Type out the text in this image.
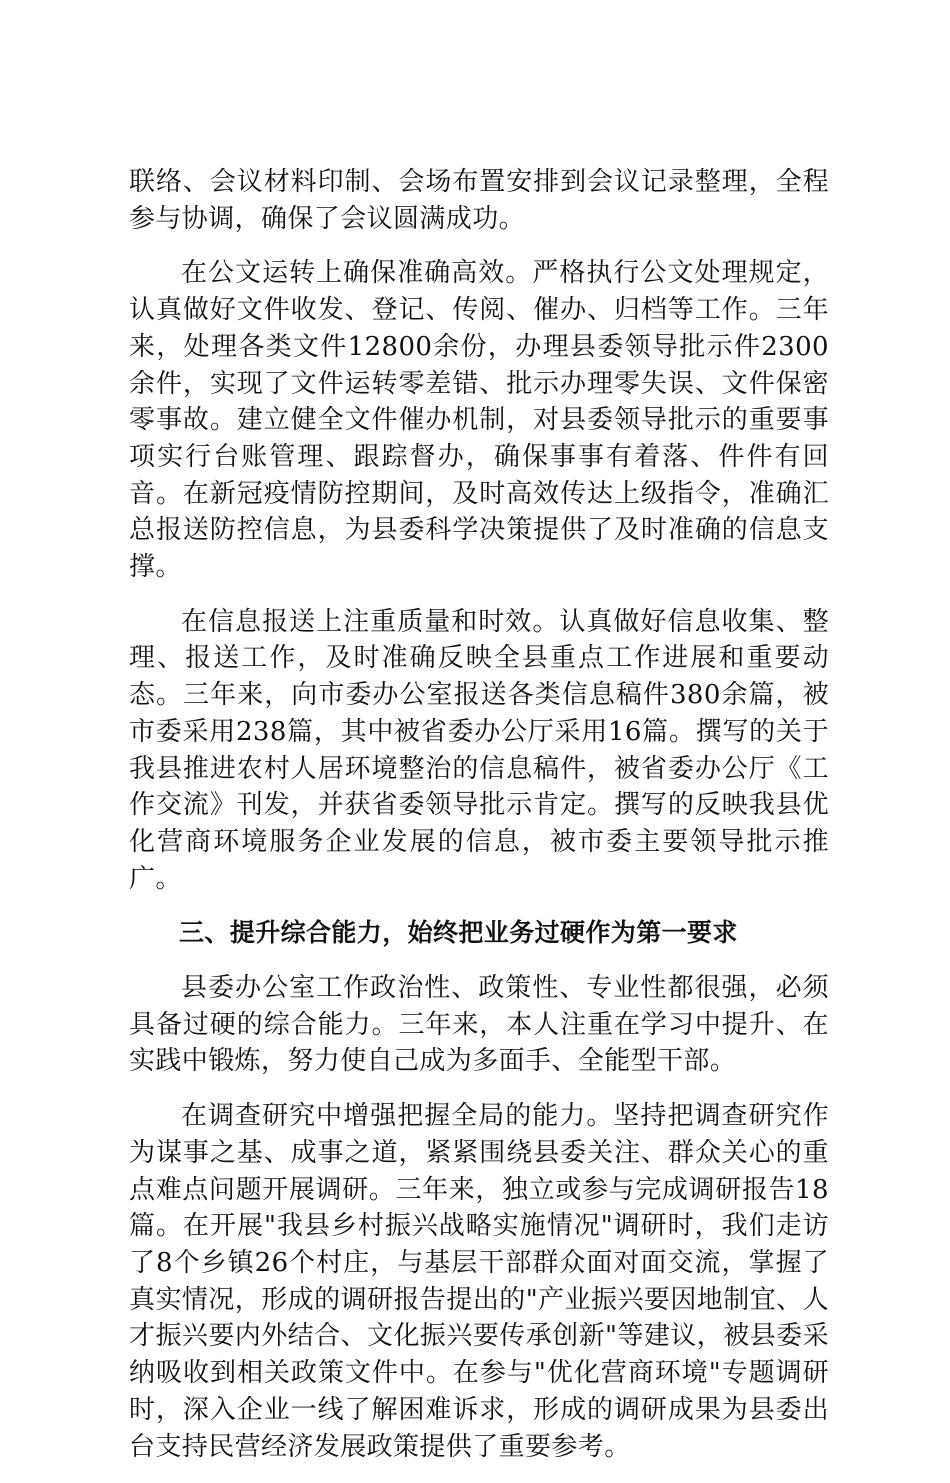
联络、会议材料印制、会场布置安排到会议记录整理，全程参与协调，确保了会议圆满成功。

在公文运转上确保准确高效。严格执行公文处理规定，认真做好文件收发、登记、传阅、催办、归档等工作。三年来，处理各类文件12800余份，办理县委领导批示件2300余件，实现了文件运转零差错、批示办理零失误、文件保密零事故。建立健全文件催办机制，对县委领导批示的重要事项实行台账管理、跟踪督办，确保事事有着落、件件有回音。在新冠疫情防控期间，及时高效传达上级指令，准确汇总报送防控信息，为县委科学决策提供了及时准确的信息支撑。

在信息报送上注重质量和时效。认真做好信息收集、整理、报送工作，及时准确反映全县重点工作进展和重要动态。三年来，向市委办公室报送各类信息稿件380余篇，被市委采用238篇，其中被省委办公厅采用16篇。撰写的关于我县推进农村人居环境整治的信息稿件，被省委办公厅《工作交流》刊发，并获省委领导批示肯定。撰写的反映我县优化营商环境服务企业发展的信息，被市委主要领导批示推广。

三、提升综合能力，始终把业务过硬作为第一要求

县委办公室工作政治性、政策性、专业性都很强，必须具备过硬的综合能力。三年来，本人注重在学习中提升、在实践中锻炼，努力使自己成为多面手、全能型干部。

在调查研究中增强把握全局的能力。坚持把调查研究作为谋事之基、成事之道，紧紧围绕县委关注、群众关心的重点难点问题开展调研。三年来，独立或参与完成调研报告18篇。在开展"我县乡村振兴战略实施情况"调研时，我们走访了8个乡镇26个村庄，与基层干部群众面对面交流，掌握了真实情况，形成的调研报告提出的"产业振兴要因地制宜、人才振兴要内外结合、文化振兴要传承创新"等建议，被县委采纳吸收到相关政策文件中。在参与"优化营商环境"专题调研时，深入企业一线了解困难诉求，形成的调研成果为县委出台支持民营经济发展政策提供了重要参考。
